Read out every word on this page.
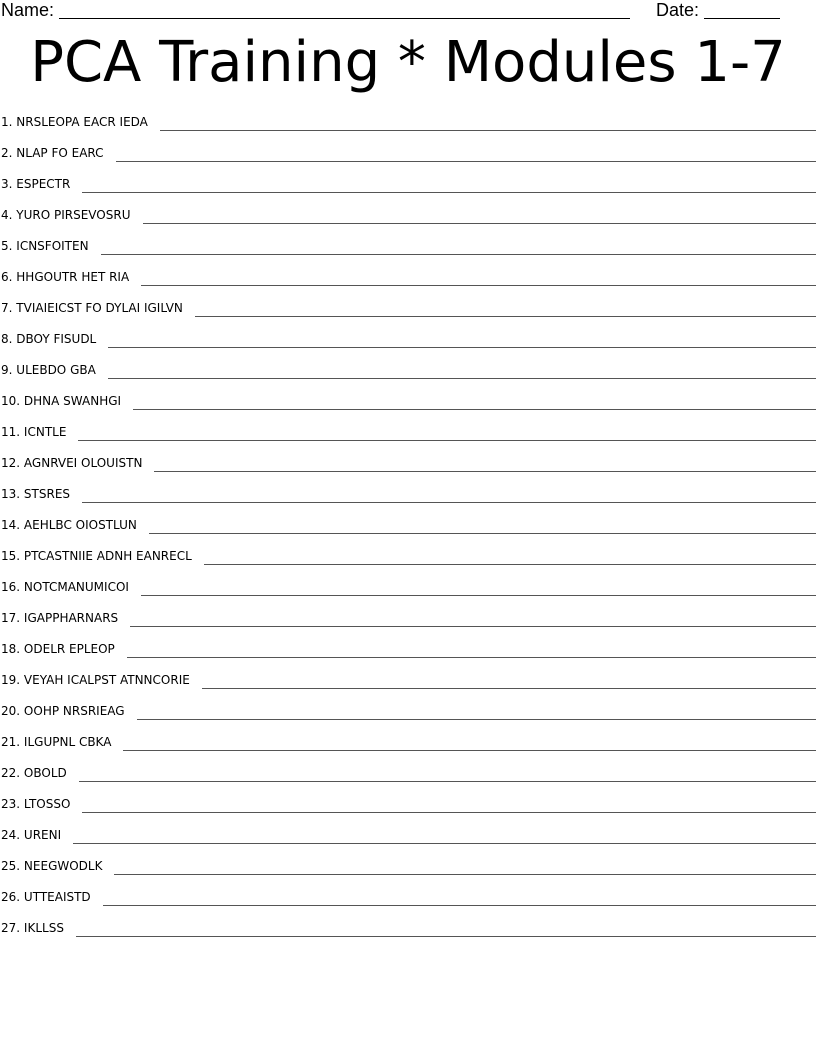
Name:	Date:
PCA Training * Modules 1-7
1. NRSLEOPA EACR IEDA
2. NLAP FO EARC
3. ESPECTR
4. YURO PIRSEVOSRU
5. ICNSFOITEN
6. HHGOUTR HET RIA
7. TVIAIEICST FO DYLAI IGILVN
8. DBOY FISUDL
9. ULEBDO GBA
10. DHNA SWANHGI
11. ICNTLE
12. AGNRVEI OLOUISTN
13. STSRES
14. AEHLBC OIOSTLUN
15. PTCASTNIIE ADNH EANRECL
16. NOTCMANUMICOI
17. IGAPPHARNARS
18. ODELR EPLEOP
19. VEYAH ICALPST ATNNCORIE
20. OOHP NRSRIEAG
21. ILGUPNL CBKA
22. OBOLD
23. LTOSSO
24. URENI
25. NEEGWODLK
26. UTTEAISTD
27. IKLLSS
